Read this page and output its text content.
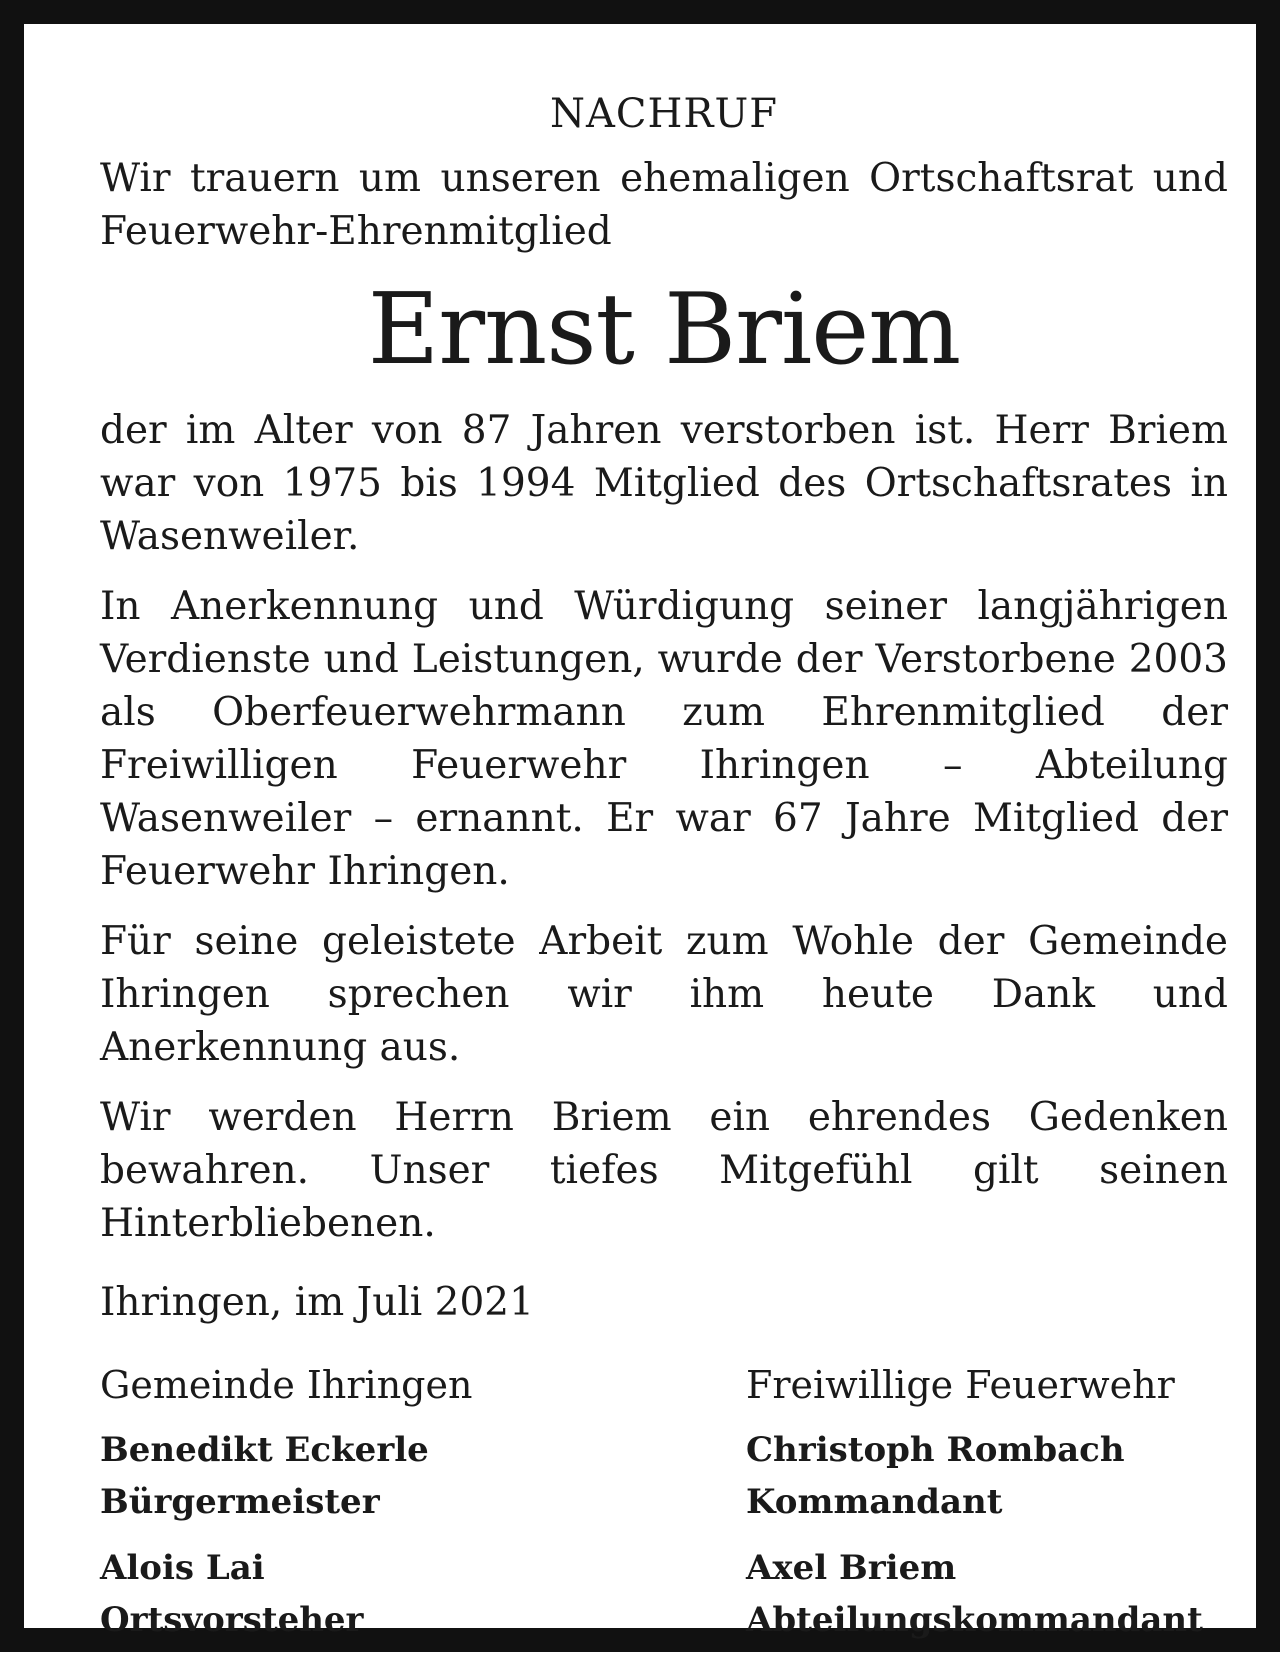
NACHRUF

Wir trauern um unseren ehemaligen Ortschaftsrat und Feuerwehr-Ehrenmitglied

Ernst Briem

der im Alter von 87 Jahren verstorben ist. Herr Briem war von 1975 bis 1994 Mitglied des Ortschaftsrates in Wasenweiler.

In Anerkennung und Würdigung seiner langjährigen Verdienste und Leistungen, wurde der Verstorbene 2003 als Oberfeuerwehrmann zum Ehrenmitglied der Freiwilligen Feuerwehr Ihringen – Abteilung Wasenweiler – ernannt. Er war 67 Jahre Mitglied der Feuerwehr Ihringen.

Für seine geleistete Arbeit zum Wohle der Gemeinde Ihringen sprechen wir ihm heute Dank und Anerkennung aus.

Wir werden Herrn Briem ein ehrendes Gedenken bewahren. Unser tiefes Mitgefühl gilt seinen Hinterbliebenen.

Ihringen, im Juli 2021

Gemeinde Ihringen

Benedikt Eckerle

Bürgermeister

Alois Lai

Ortsvorsteher

Freiwillige Feuerwehr

Christoph Rombach

Kommandant

Axel Briem

Abteilungskommandant
